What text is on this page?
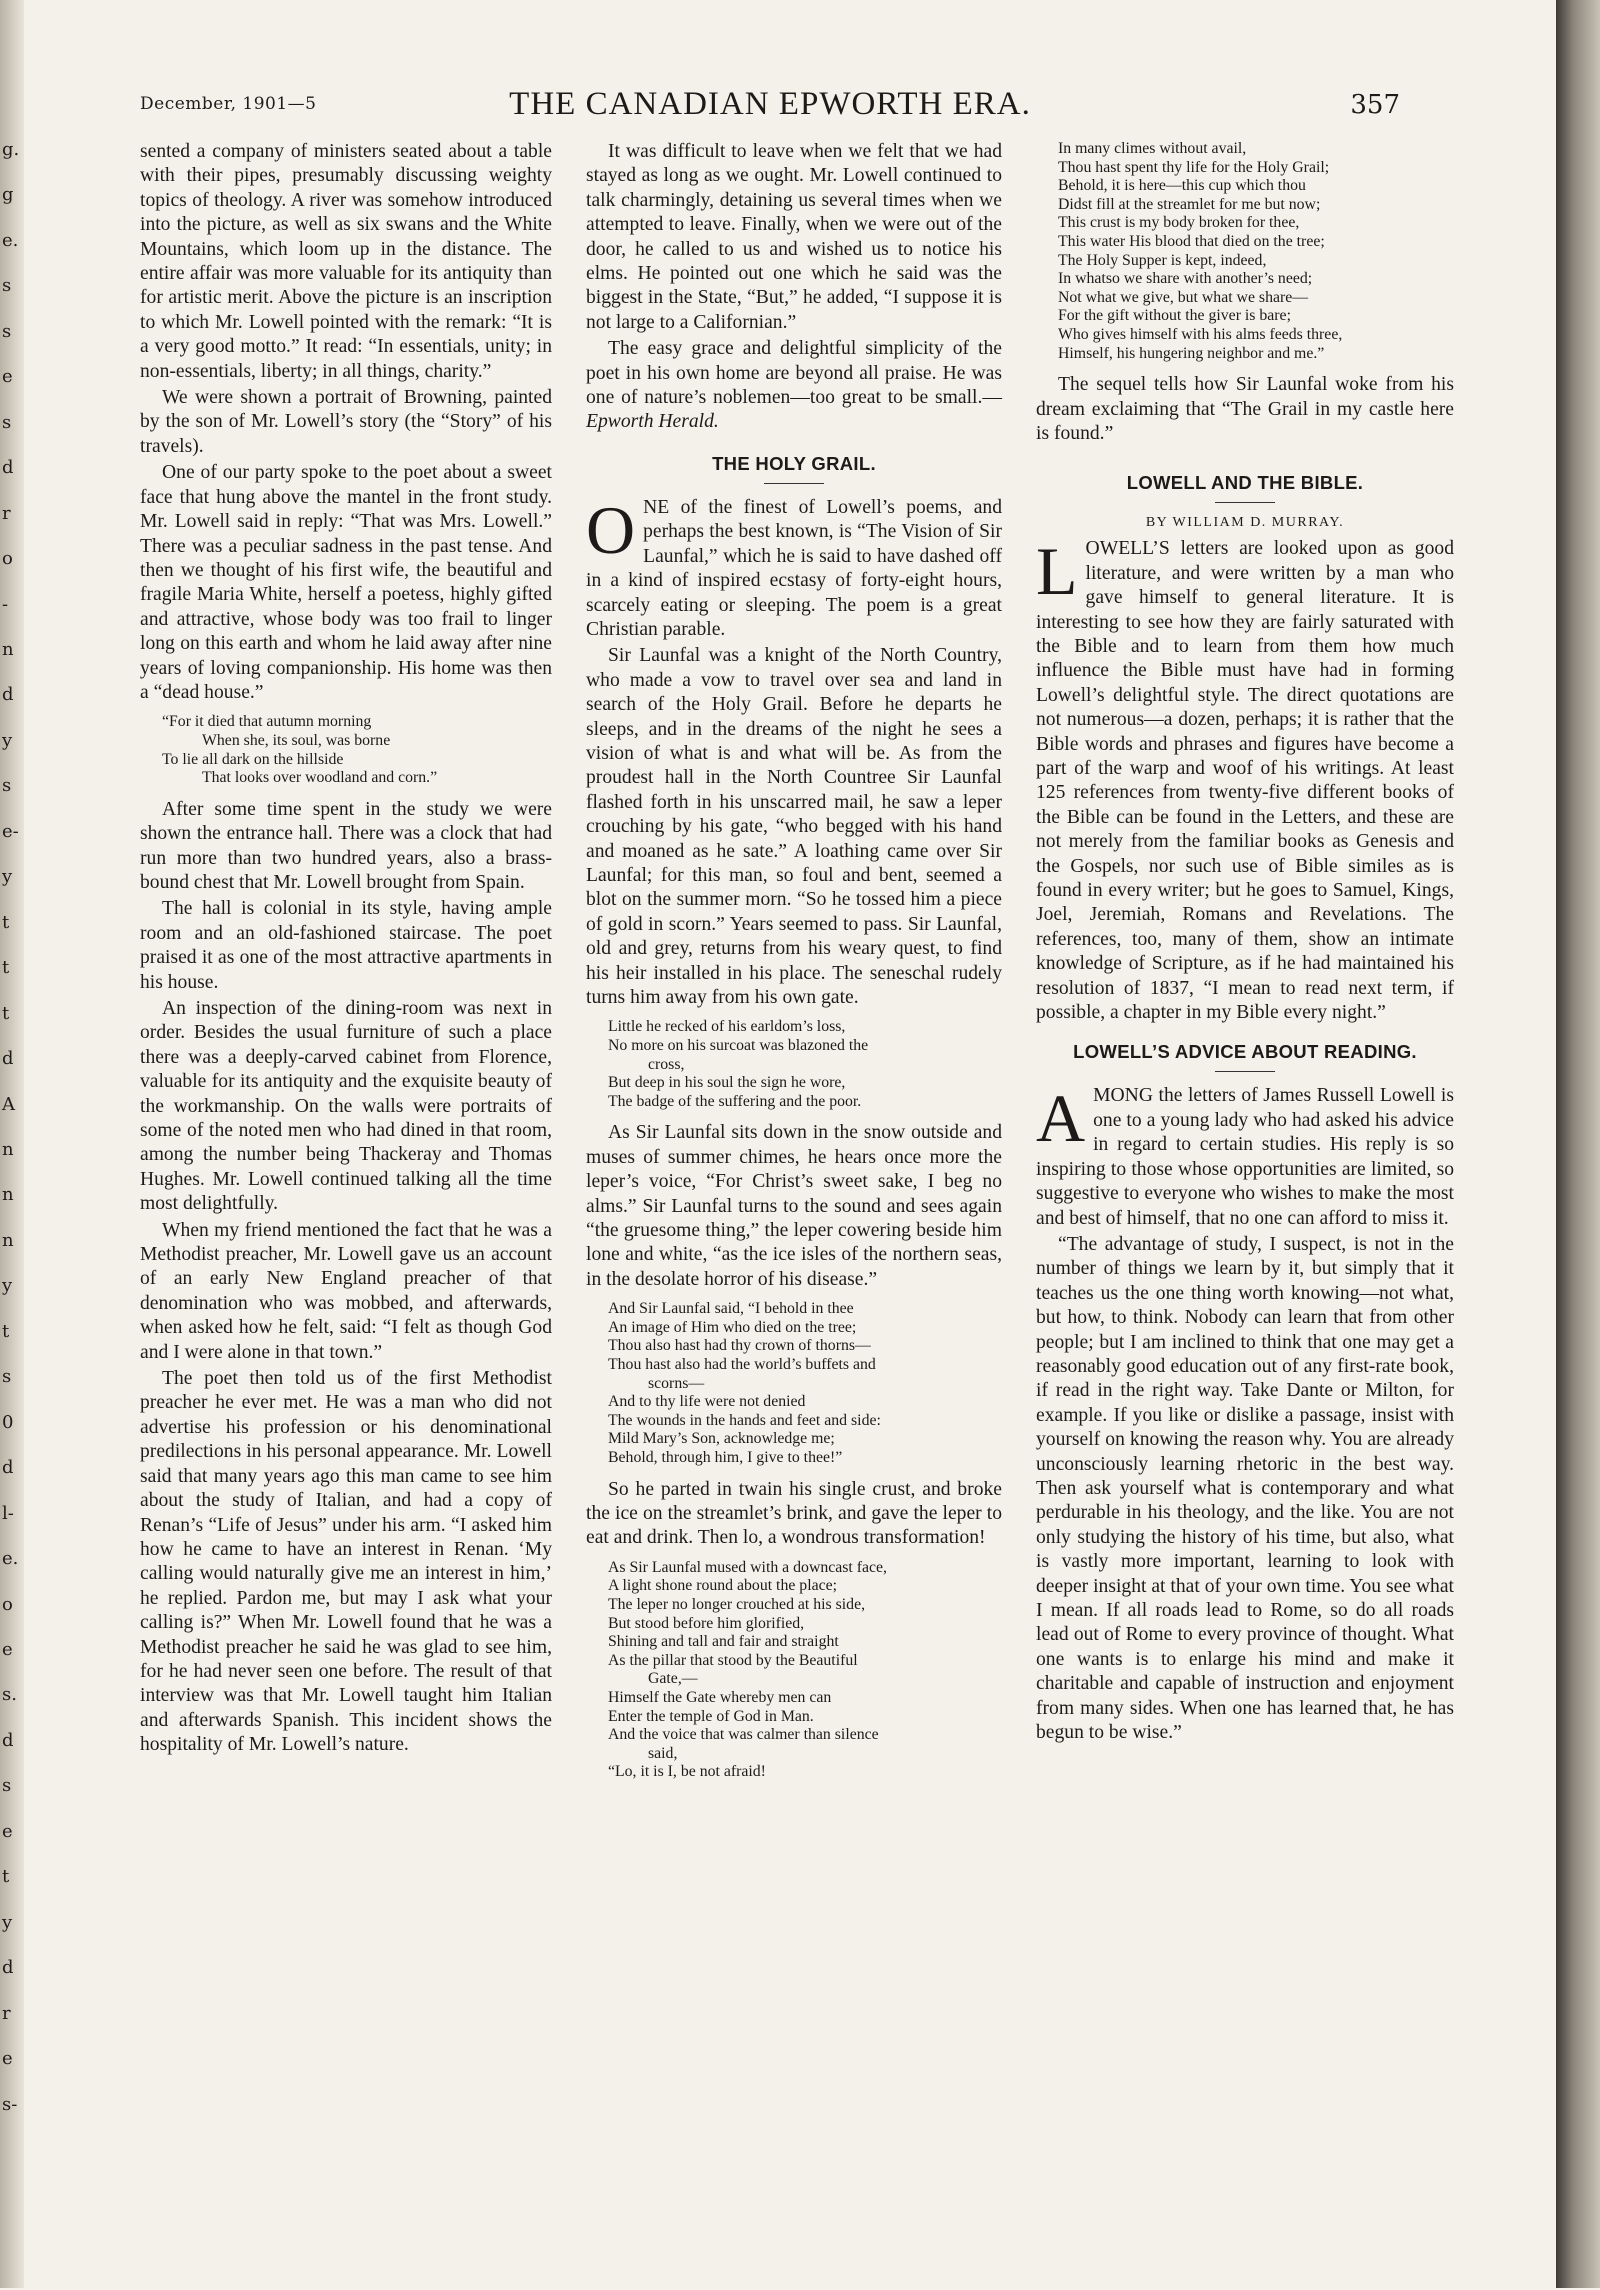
g.
g
e.
s
s
e
s
d
r
o
-
n
d
y
s
e-
y
t
t
t
d
A
n
n
n
y
t
s
0
d
l-
e.
o
e
s.
d
s
e
t
y
d
r
e
s-
December, 1901—5	THE CANADIAN EPWORTH ERA.	357

sented a company of ministers seated about a table with their pipes, presumably discussing weighty topics of theology. A river was somehow introduced into the picture, as well as six swans and the White Mountains, which loom up in the distance. The entire affair was more valuable for its antiquity than for artistic merit. Above the picture is an inscription to which Mr. Lowell pointed with the remark: “It is a very good motto.” It read: “In essentials, unity; in non-essentials, liberty; in all things, charity.”

We were shown a portrait of Browning, painted by the son of Mr. Lowell’s story (the “Story” of his travels).

One of our party spoke to the poet about a sweet face that hung above the mantel in the front study. Mr. Lowell said in reply: “That was Mrs. Lowell.” There was a peculiar sadness in the past tense. And then we thought of his first wife, the beautiful and fragile Maria White, herself a poetess, highly gifted and attractive, whose body was too frail to linger long on this earth and whom he laid away after nine years of loving companionship. His home was then a “dead house.”

“For it died that autumn morning
When she, its soul, was borne
To lie all dark on the hillside
That looks over woodland and corn.”

After some time spent in the study we were shown the entrance hall. There was a clock that had run more than two hundred years, also a brass-bound chest that Mr. Lowell brought from Spain.

The hall is colonial in its style, having ample room and an old-fashioned staircase. The poet praised it as one of the most attractive apartments in his house.

An inspection of the dining-room was next in order. Besides the usual furniture of such a place there was a deeply-carved cabinet from Florence, valuable for its antiquity and the exquisite beauty of the workmanship. On the walls were portraits of some of the noted men who had dined in that room, among the number being Thackeray and Thomas Hughes. Mr. Lowell continued talking all the time most delightfully.

When my friend mentioned the fact that he was a Methodist preacher, Mr. Lowell gave us an account of an early New England preacher of that denomination who was mobbed, and afterwards, when asked how he felt, said: “I felt as though God and I were alone in that town.”

The poet then told us of the first Methodist preacher he ever met. He was a man who did not advertise his profession or his denominational predilections in his personal appearance. Mr. Lowell said that many years ago this man came to see him about the study of Italian, and had a copy of Renan’s “Life of Jesus” under his arm. “I asked him how he came to have an interest in Renan. ‘My calling would naturally give me an interest in him,’ he replied. Pardon me, but may I ask what your calling is?” When Mr. Lowell found that he was a Methodist preacher he said he was glad to see him, for he had never seen one before. The result of that interview was that Mr. Lowell taught him Italian and afterwards Spanish. This incident shows the hospitality of Mr. Lowell’s nature.

It was difficult to leave when we felt that we had stayed as long as we ought. Mr. Lowell continued to talk charmingly, detaining us several times when we attempted to leave. Finally, when we were out of the door, he called to us and wished us to notice his elms. He pointed out one which he said was the biggest in the State, “But,” he added, “I suppose it is not large to a Californian.”

The easy grace and delightful simplicity of the poet in his own home are beyond all praise. He was one of nature’s noblemen—too great to be small.—Epworth Herald.

THE HOLY GRAIL.

ONE of the finest of Lowell’s poems, and perhaps the best known, is “The Vision of Sir Launfal,” which he is said to have dashed off in a kind of inspired ecstasy of forty-eight hours, scarcely eating or sleeping. The poem is a great Christian parable.

Sir Launfal was a knight of the North Country, who made a vow to travel over sea and land in search of the Holy Grail. Before he departs he sleeps, and in the dreams of the night he sees a vision of what is and what will be. As from the proudest hall in the North Countree Sir Launfal flashed forth in his unscarred mail, he saw a leper crouching by his gate, “who begged with his hand and moaned as he sate.” A loathing came over Sir Launfal; for this man, so foul and bent, seemed a blot on the summer morn. “So he tossed him a piece of gold in scorn.” Years seemed to pass. Sir Launfal, old and grey, returns from his weary quest, to find his heir installed in his place. The seneschal rudely turns him away from his own gate.

Little he recked of his earldom’s loss,
No more on his surcoat was blazoned the
cross,
But deep in his soul the sign he wore,
The badge of the suffering and the poor.

As Sir Launfal sits down in the snow outside and muses of summer chimes, he hears once more the leper’s voice, “For Christ’s sweet sake, I beg no alms.” Sir Launfal turns to the sound and sees again “the gruesome thing,” the leper cowering beside him lone and white, “as the ice isles of the northern seas, in the desolate horror of his disease.”

And Sir Launfal said, “I behold in thee
An image of Him who died on the tree;
Thou also hast had thy crown of thorns—
Thou hast also had the world’s buffets and
scorns—
And to thy life were not denied
The wounds in the hands and feet and side:
Mild Mary’s Son, acknowledge me;
Behold, through him, I give to thee!”

So he parted in twain his single crust, and broke the ice on the streamlet’s brink, and gave the leper to eat and drink. Then lo, a wondrous transformation!

As Sir Launfal mused with a downcast face,
A light shone round about the place;
The leper no longer crouched at his side,
But stood before him glorified,
Shining and tall and fair and straight
As the pillar that stood by the Beautiful
Gate,—
Himself the Gate whereby men can
Enter the temple of God in Man.
And the voice that was calmer than silence
said,
“Lo, it is I, be not afraid!
In many climes without avail,
Thou hast spent thy life for the Holy Grail;
Behold, it is here—this cup which thou
Didst fill at the streamlet for me but now;
This crust is my body broken for thee,
This water His blood that died on the tree;
The Holy Supper is kept, indeed,
In whatso we share with another’s need;
Not what we give, but what we share—
For the gift without the giver is bare;
Who gives himself with his alms feeds three,
Himself, his hungering neighbor and me.”

The sequel tells how Sir Launfal woke from his dream exclaiming that “The Grail in my castle here is found.”

LOWELL AND THE BIBLE.
BY WILLIAM D. MURRAY.

LOWELL’S letters are looked upon as good literature, and were written by a man who gave himself to general literature. It is interesting to see how they are fairly saturated with the Bible and to learn from them how much influence the Bible must have had in forming Lowell’s delightful style. The direct quotations are not numerous—a dozen, perhaps; it is rather that the Bible words and phrases and figures have become a part of the warp and woof of his writings. At least 125 references from twenty-five different books of the Bible can be found in the Letters, and these are not merely from the familiar books as Genesis and the Gospels, nor such use of Bible similes as is found in every writer; but he goes to Samuel, Kings, Joel, Jeremiah, Romans and Revelations. The references, too, many of them, show an intimate knowledge of Scripture, as if he had maintained his resolution of 1837, “I mean to read next term, if possible, a chapter in my Bible every night.”

LOWELL’S ADVICE ABOUT READING.

AMONG the letters of James Russell Lowell is one to a young lady who had asked his advice in regard to certain studies. His reply is so inspiring to those whose opportunities are limited, so suggestive to everyone who wishes to make the most and best of himself, that no one can afford to miss it.

“The advantage of study, I suspect, is not in the number of things we learn by it, but simply that it teaches us the one thing worth knowing—not what, but how, to think. Nobody can learn that from other people; but I am inclined to think that one may get a reasonably good education out of any first-rate book, if read in the right way. Take Dante or Milton, for example. If you like or dislike a passage, insist with yourself on knowing the reason why. You are already unconsciously learning rhetoric in the best way. Then ask yourself what is contemporary and what perdurable in his theology, and the like. You are not only studying the history of his time, but also, what is vastly more important, learning to look with deeper insight at that of your own time. You see what I mean. If all roads lead to Rome, so do all roads lead out of Rome to every province of thought. What one wants is to enlarge his mind and make it charitable and capable of instruction and enjoyment from many sides. When one has learned that, he has begun to be wise.”
